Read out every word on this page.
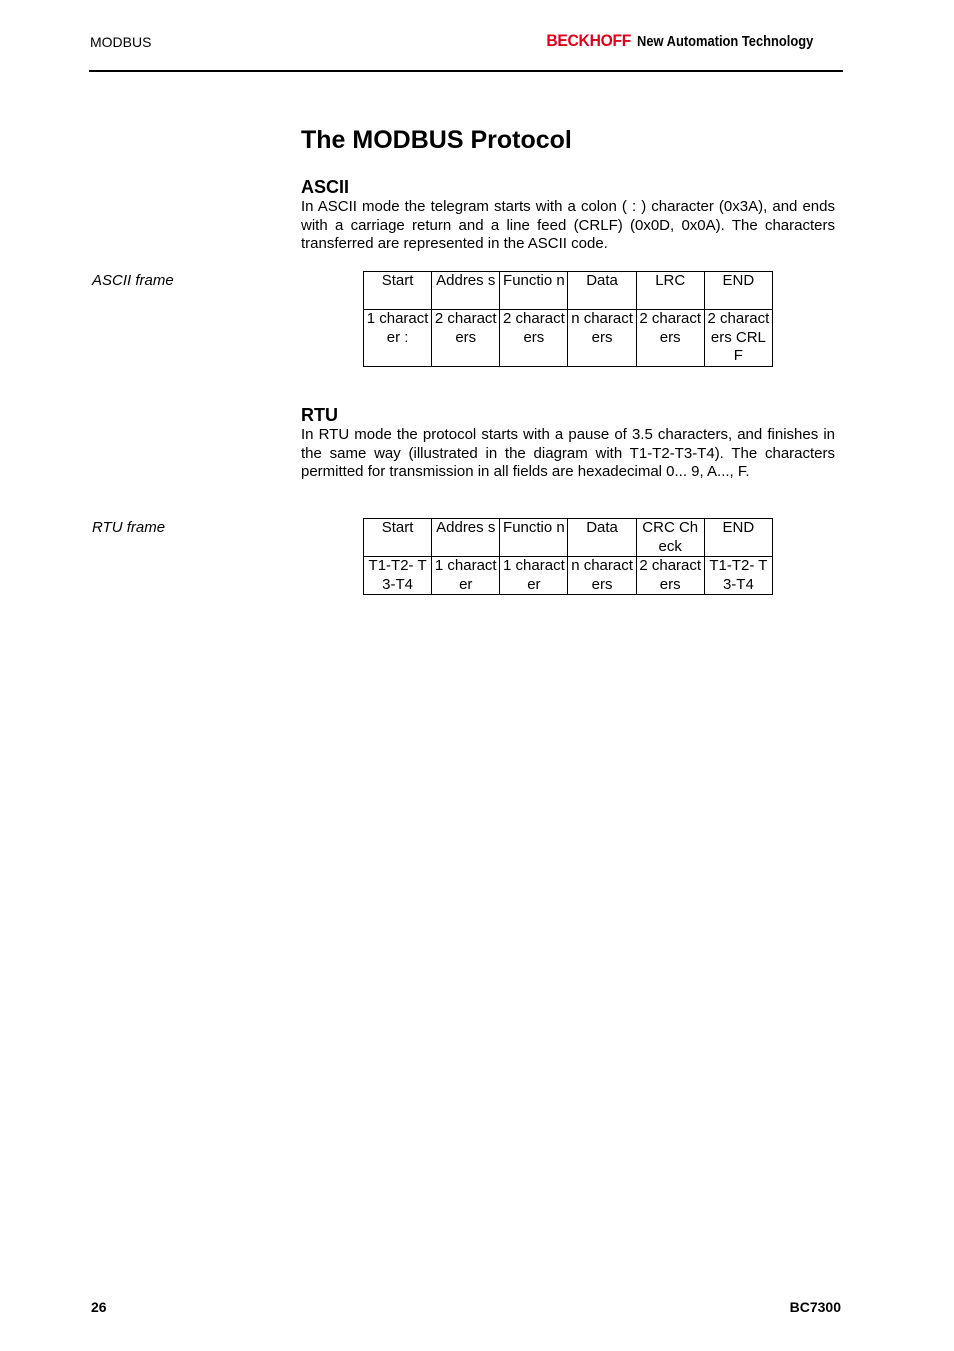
MODBUS	BECKHOFF New Automation Technology
The MODBUS Protocol
ASCII

In ASCII mode the telegram starts with a colon ( : ) character (0x3A), and ends with a carriage return and a line feed (CRLF) (0x0D, 0x0A). The characters transferred are represented in the ASCII code.

ASCII frame	Start	Addres s	Functio n	Data	LRC	END
1 charact er :	2 charact ers	2 charact ers	n charact ers	2 charact ers	2 charact ers CRLF
RTU

In RTU mode the protocol starts with a pause of 3.5 characters, and finishes in the same way (illustrated in the diagram with T1-T2-T3-T4). The characters permitted for transmission in all fields are hexadecimal 0... 9, A..., F.

RTU frame	Start	Addres s	Functio n	Data	CRC Check	END
T1-T2- T3-T4	1 charact er	1 charact er	n charact ers	2 charact ers	T1-T2- T3-T4
26	BC7300
